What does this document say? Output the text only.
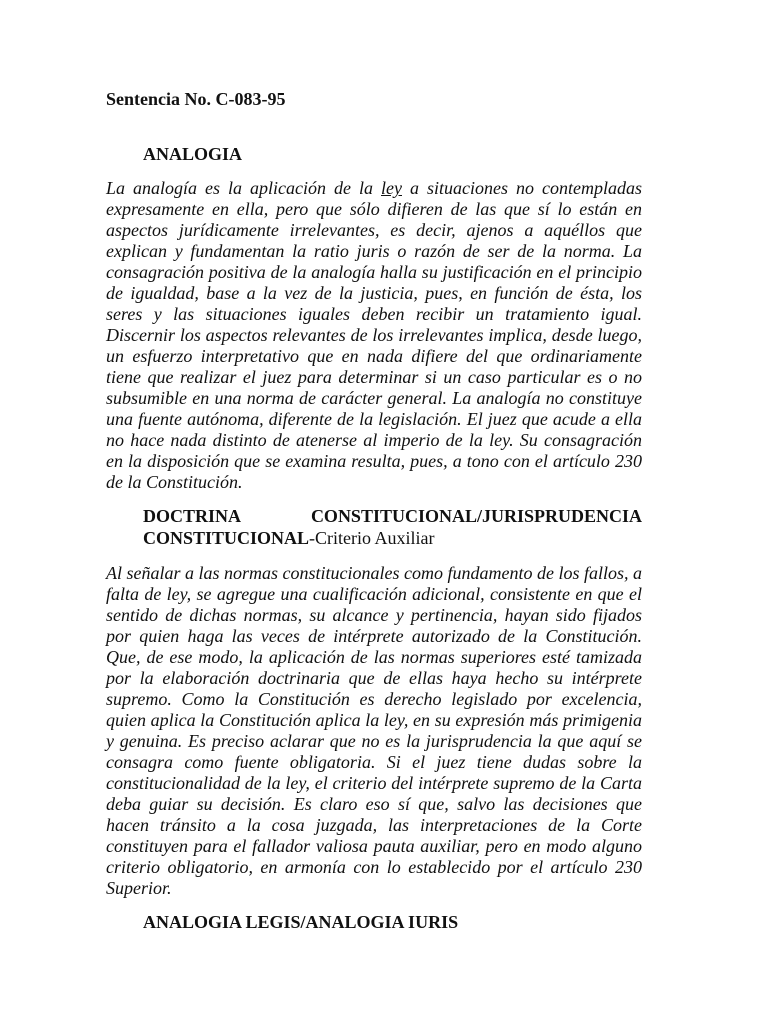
Sentencia No. C-083-95

ANALOGIA

La analogía es la aplicación de la ley a situaciones no contempladas expresamente en ella, pero que sólo difieren de las que sí lo están en aspectos jurídicamente irrelevantes, es decir, ajenos a aquéllos que explican y fundamentan la ratio juris o razón de ser de la norma. La consagración positiva de la analogía halla su justificación en el principio de igualdad, base a la vez de la justicia, pues, en función de ésta, los seres y las situaciones iguales deben recibir un tratamiento igual. Discernir los aspectos relevantes de los irrelevantes implica, desde luego, un esfuerzo interpretativo que en nada difiere del que ordinariamente tiene que realizar el juez para determinar si un caso particular es o no subsumible en una norma de carácter general. La analogía no constituye una fuente autónoma, diferente de la legislación. El juez que acude a ella no hace nada distinto de atenerse al imperio de la ley. Su consagración en la disposición que se examina resulta, pues, a tono con el artículo 230 de la Constitución.

DOCTRINA	CONSTITUCIONAL/JURISPRUDENCIA
CONSTITUCIONAL-Criterio Auxiliar

Al señalar a las normas constitucionales como fundamento de los fallos, a falta de ley, se agregue una cualificación adicional, consistente en que el sentido de dichas normas, su alcance y pertinencia, hayan sido fijados por quien haga las veces de intérprete autorizado de la Constitución. Que, de ese modo, la aplicación de las normas superiores esté tamizada por la elaboración doctrinaria que de ellas haya hecho su intérprete supremo. Como la Constitución es derecho legislado por excelencia, quien aplica la Constitución aplica la ley, en su expresión más primigenia y genuina. Es preciso aclarar que no es la jurisprudencia la que aquí se consagra como fuente obligatoria. Si el juez tiene dudas sobre la constitucionalidad de la ley, el criterio del intérprete supremo de la Carta deba guiar su decisión. Es claro eso sí que, salvo las decisiones que hacen tránsito a la cosa juzgada, las interpretaciones de la Corte constituyen para el fallador valiosa pauta auxiliar, pero en modo alguno criterio obligatorio, en armonía con lo establecido por el artículo 230 Superior.

ANALOGIA LEGIS/ANALOGIA IURIS
